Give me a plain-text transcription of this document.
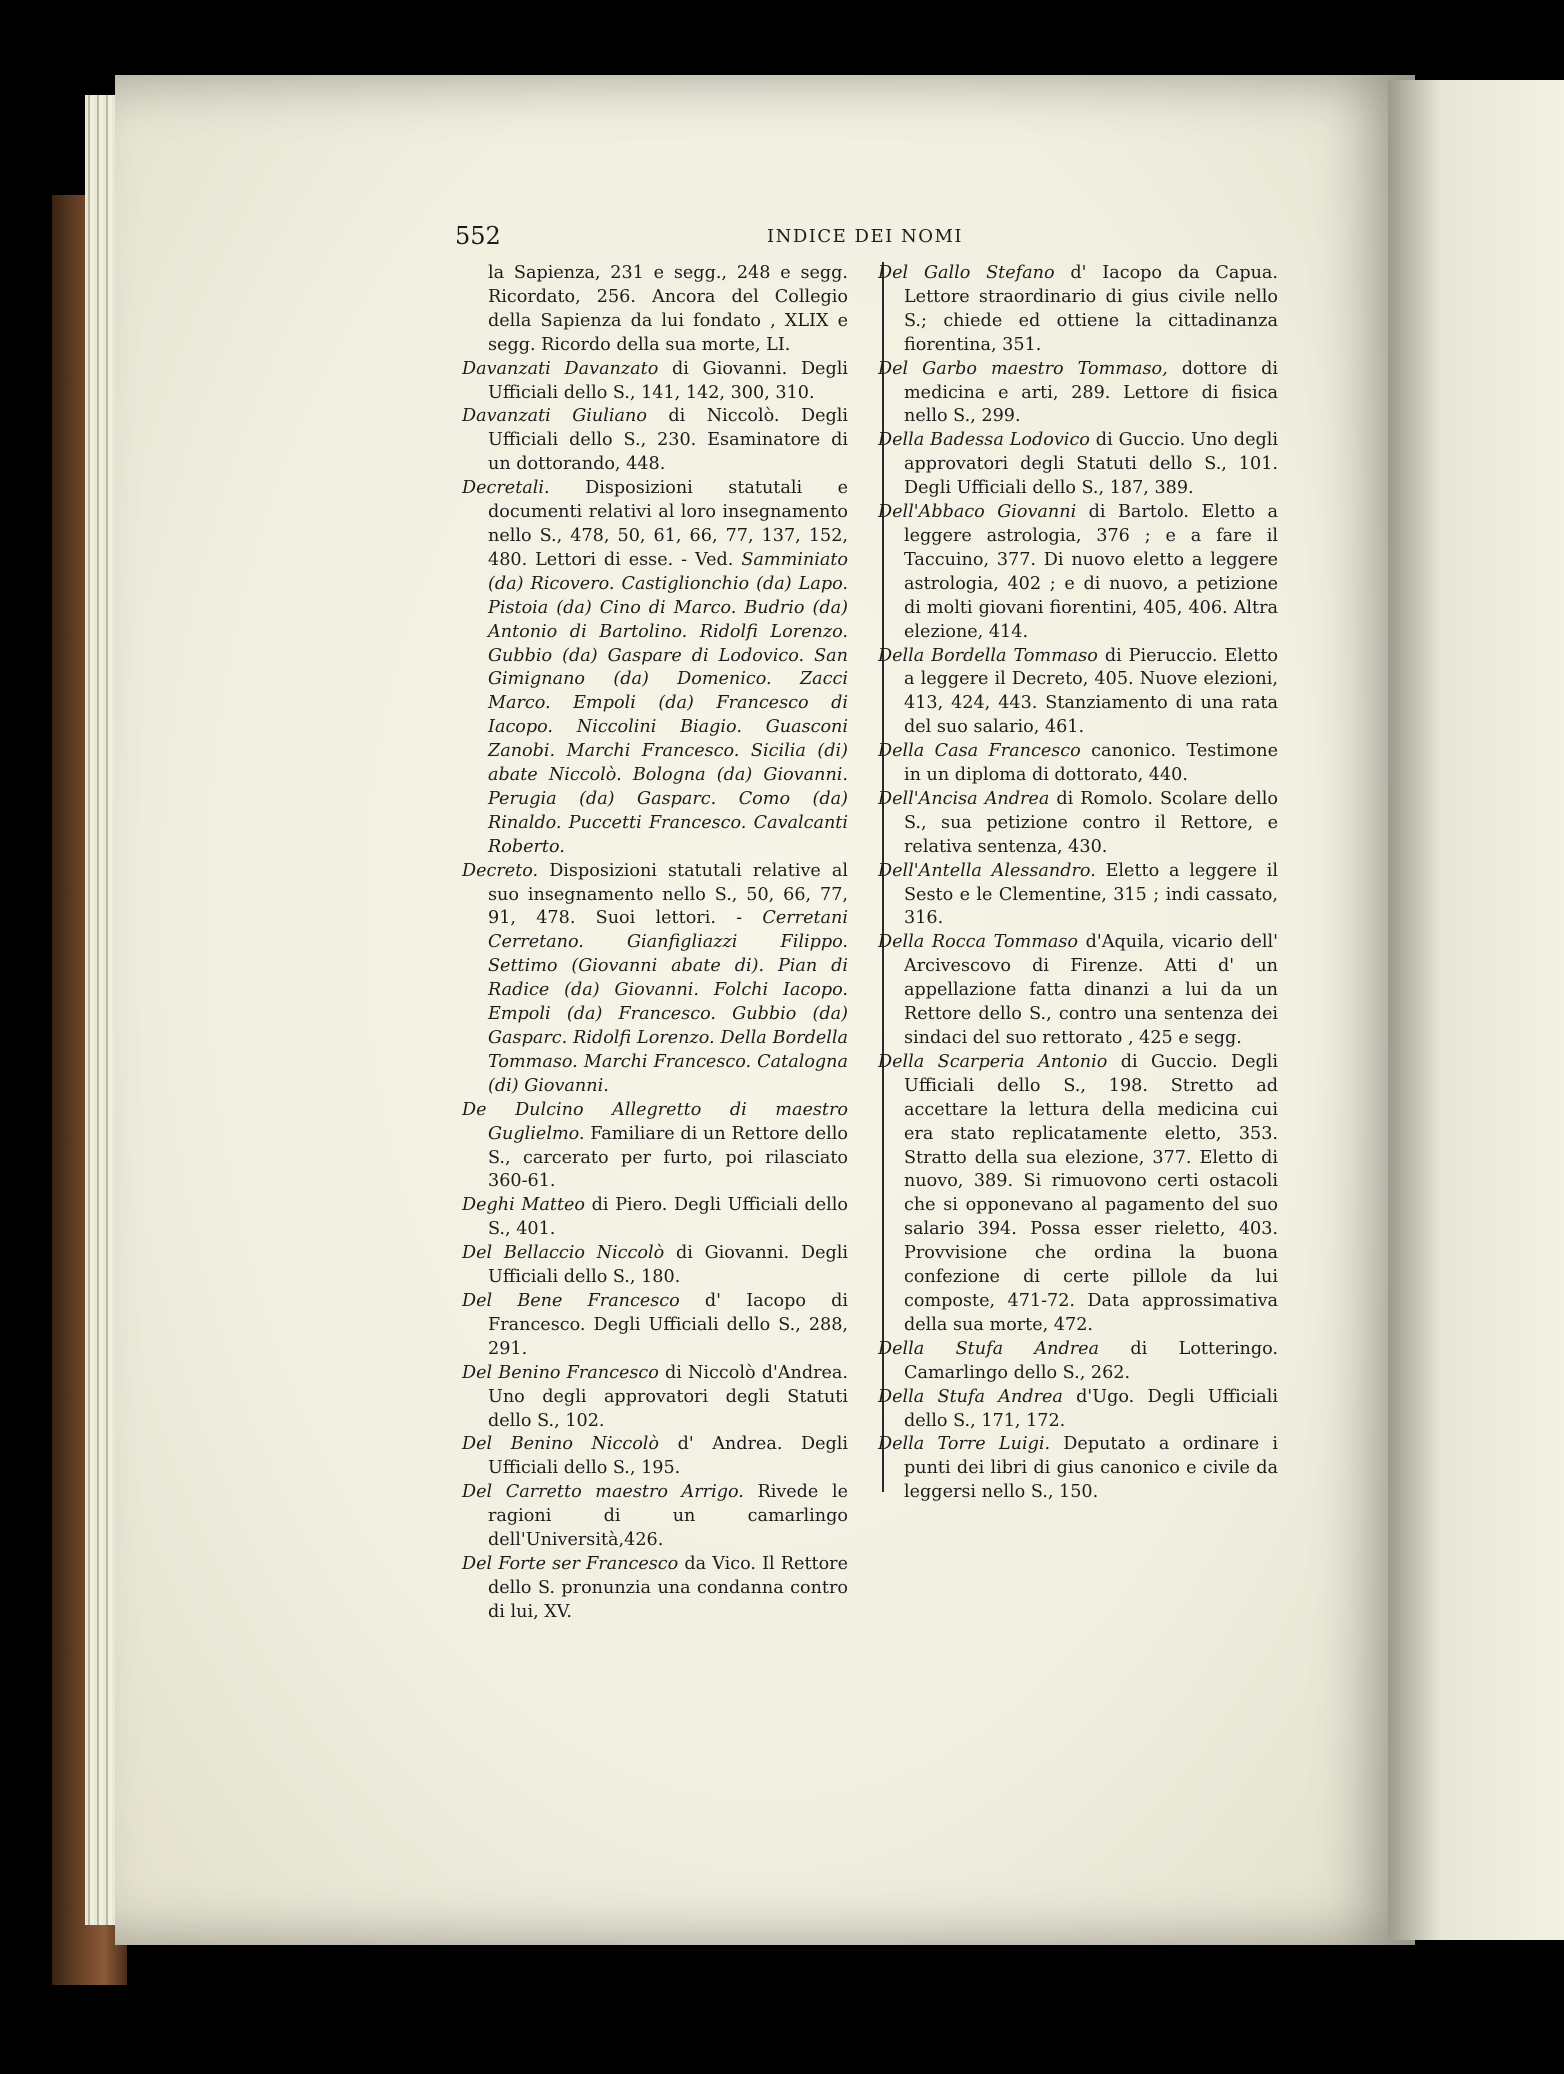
552	INDICE DEI NOMI

la Sapienza, 231 e segg., 248 e segg. Ricordato, 256. Ancora del Collegio della Sapienza da lui fondato , XLIX e segg. Ricordo della sua morte, LI.

Davanzati Davanzato di Giovanni. Degli Ufficiali dello S., 141, 142, 300, 310.

Davanzati Giuliano di Niccolò. Degli Ufficiali dello S., 230. Esaminatore di un dottorando, 448.

Decretali. Disposizioni statutali e documenti relativi al loro insegnamento nello S., 478, 50, 61, 66, 77, 137, 152, 480. Lettori di esse. - Ved. Samminiato (da) Ricovero. Castiglionchio (da) Lapo. Pistoia (da) Cino di Marco. Budrio (da) Antonio di Bartolino. Ridolfi Lorenzo. Gubbio (da) Gaspare di Lodovico. San Gimignano (da) Domenico. Zacci Marco. Empoli (da) Francesco di Iacopo. Niccolini Biagio. Guasconi Zanobi. Marchi Francesco. Sicilia (di) abate Niccolò. Bologna (da) Giovanni. Perugia (da) Gasparc. Como (da) Rinaldo. Puccetti Francesco. Cavalcanti Roberto.

Decreto. Disposizioni statutali relative al suo insegnamento nello S., 50, 66, 77, 91, 478. Suoi lettori. - Cerretani Cerretano. Gianfigliazzi Filippo. Settimo (Giovanni abate di). Pian di Radice (da) Giovanni. Folchi Iacopo. Empoli (da) Francesco. Gubbio (da) Gasparc. Ridolfi Lorenzo. Della Bordella Tommaso. Marchi Francesco. Catalogna (di) Giovanni.

De Dulcino Allegretto di maestro Guglielmo. Familiare di un Rettore dello S., carcerato per furto, poi rilasciato 360-61.

Deghi Matteo di Piero. Degli Ufficiali dello S., 401.

Del Bellaccio Niccolò di Giovanni. Degli Ufficiali dello S., 180.

Del Bene Francesco d' Iacopo di Francesco. Degli Ufficiali dello S., 288, 291.

Del Benino Francesco di Niccolò d'Andrea. Uno degli approvatori degli Statuti dello S., 102.

Del Benino Niccolò d' Andrea. Degli Ufficiali dello S., 195.

Del Carretto maestro Arrigo. Rivede le ragioni di un camarlingo dell'Università,426.

Del Forte ser Francesco da Vico. Il Rettore dello S. pronunzia una condanna contro di lui, XV.

Del Gallo Stefano d' Iacopo da Capua. Lettore straordinario di gius civile nello S.; chiede ed ottiene la cittadinanza fiorentina, 351.

Del Garbo maestro Tommaso, dottore di medicina e arti, 289. Lettore di fisica nello S., 299.

Della Badessa Lodovico di Guccio. Uno degli approvatori degli Statuti dello S., 101. Degli Ufficiali dello S., 187, 389.

Dell'Abbaco Giovanni di Bartolo. Eletto a leggere astrologia, 376 ; e a fare il Taccuino, 377. Di nuovo eletto a leggere astrologia, 402 ; e di nuovo, a petizione di molti giovani fiorentini, 405, 406. Altra elezione, 414.

Della Bordella Tommaso di Pieruccio. Eletto a leggere il Decreto, 405. Nuove elezioni, 413, 424, 443. Stanziamento di una rata del suo salario, 461.

Della Casa Francesco canonico. Testimone in un diploma di dottorato, 440.

Dell'Ancisa Andrea di Romolo. Scolare dello S., sua petizione contro il Rettore, e relativa sentenza, 430.

Dell'Antella Alessandro. Eletto a leggere il Sesto e le Clementine, 315 ; indi cassato, 316.

Della Rocca Tommaso d'Aquila, vicario dell' Arcivescovo di Firenze. Atti d' un appellazione fatta dinanzi a lui da un Rettore dello S., contro una sentenza dei sindaci del suo rettorato , 425 e segg.

Della Scarperia Antonio di Guccio. Degli Ufficiali dello S., 198. Stretto ad accettare la lettura della medicina cui era stato replicatamente eletto, 353. Stratto della sua elezione, 377. Eletto di nuovo, 389. Si rimuovono certi ostacoli che si opponevano al pagamento del suo salario 394. Possa esser rieletto, 403. Provvisione che ordina la buona confezione di certe pillole da lui composte, 471-72. Data approssimativa della sua morte, 472.

Della Stufa Andrea di Lotteringo. Camarlingo dello S., 262.

Della Stufa Andrea d'Ugo. Degli Ufficiali dello S., 171, 172.

Della Torre Luigi. Deputato a ordinare i punti dei libri di gius canonico e civile da leggersi nello S., 150.
